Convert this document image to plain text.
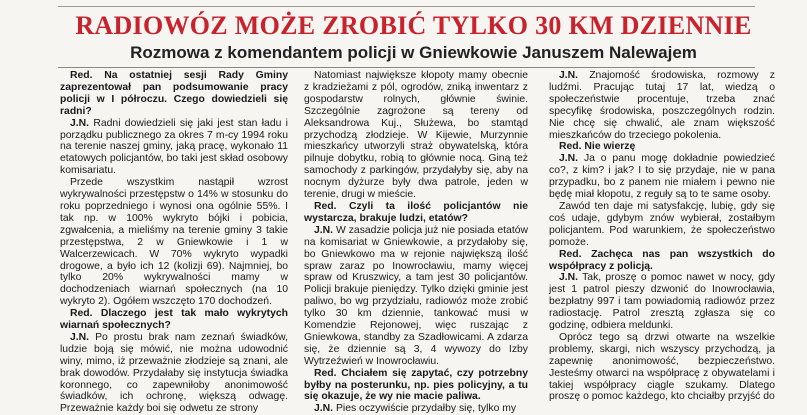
RADIOWÓZ MOŻE ZROBIĆ TYLKO 30 KM DZIENNIE
Rozmowa z komendantem policji w Gniewkowie Januszem Nalewajem

Red. Na ostatniej sesji Rady Gminy zaprezentował pan podsumowanie pracy policji w I półroczu. Czego dowiedzieli się radni?

J.N. Radni dowiedzieli się jaki jest stan ładu i porządku publicznego za okres 7 m-cy 1994 roku na terenie naszej gminy, jaką pracę, wykonało 11 etatowych policjantów, bo taki jest skład osobowy komisariatu.

Przede wszystkim nastąpił wzrost wykrywalności przestępstw o 14% w stosunku do roku poprzedniego i wynosi ona ogólnie 55%. I tak np. w 100% wykryto bójki i pobicia, zgwałcenia, a mieliśmy na terenie gminy 3 takie przestępstwa, 2 w Gniewkowie i 1 w Walcerzewicach. W 70% wykryto wypadki drogowe, a było ich 12 (kolizji 69). Najmniej, bo tylko 20% wykrywalności mamy w dochodzeniach wiarnań społecznych (na 10 wykryto 2). Ogółem wszczęto 170 dochodzeń.

Red. Dlaczego jest tak mało wykrytych wiarnań społecznych?

J.N. Po prostu brak nam zeznań świadków, ludzie boją się mówić, nie można udowodnić winy, mimo, iż przeważnie złodzieje są znani, ale brak dowodów. Przydałaby się instytucja świadka koronnego, co zapewniłoby anonimowość świadków, ich ochronę, większą odwagę. Przeważnie każdy boi się odwetu ze strony

Natomiast największe kłopoty mamy obecnie z kradzieżami z pól, ogrodów, zniką inwentarz z gospodarstw rolnych, głównie świnie. Szczególnie zagrożone są tereny od Aleksandrowa Kuj., Służewa, bo stamtąd przychodzą złodzieje. W Kijewie, Murzynnie mieszkańcy utworzyli straż obywatelską, która pilnuje dobytku, robią to głównie nocą. Giną też samochody z parkingów, przydałyby się, aby na nocnym dyżurze były dwa patrole, jeden w terenie, drugi w mieście.

Red. Czyli ta ilość policjantów nie wystarcza, brakuje ludzi, etatów?

J.N. W zasadzie policja już nie posiada etatów na komisariat w Gniewkowie, a przydałoby się, bo Gniewkowo ma w rejonie największą ilość spraw zaraz po Inowrocławiu, mamy więcej spraw od Kruszwicy, a tam jest 30 policjantów. Policji brakuje pieniędzy. Tylko dzięki gminie jest paliwo, bo wg przydziału, radiowóz może zrobić tylko 30 km dziennie, tankować musi w Komendzie Rejonowej, więc ruszając z Gniewkowa, standby za Szadłowicami. A zdarza się, że dziennie są 3, 4 wywozy do Izby Wytrzeźwień w Inowrocławiu.

Red. Chciałem się zapytać, czy potrzebny byłby na posterunku, np. pies policyjny, a tu się okazuje, że wy nie macie paliwa.

J.N. Pies oczywiście przydałby się, tylko my

J.N. Znajomość środowiska, rozmowy z ludźmi. Pracując tutaj 17 lat, wiedzą o społeczeństwie procentuje, trzeba znać specyfikę środowiska, poszczególnych rodzin. Nie chcę się chwalić, ale znam większość mieszkańców do trzeciego pokolenia.

Red. Nie wierzę

J.N. Ja o panu mogę dokładnie powiedzieć co?, z kim? i jak? I to się przydaje, nie w pana przypadku, bo z panem nie miałem i pewno nie będę miał kłopotu, z reguły są to te same osoby.

Zawód ten daje mi satysfakcję, lubię, gdy się coś udaje, gdybym znów wybierał, zostałbym policjantem. Pod warunkiem, że społeczeństwo pomoże.

Red. Zachęca nas pan wszystkich do współpracy z policją.

J.N. Tak, proszę o pomoc nawet w nocy, gdy jest 1 patrol pieszy dzwonić do Inowrocławia, bezpłatny 997 i tam powiadomią radiowóz przez radiostację. Patrol zresztą zgłasza się co godzinę, odbiera meldunki.

Oprócz tego są drzwi otwarte na wszelkie problemy, skargi, nich wszyscy przychodzą, ja zapewnię anonimowość, bezpieczeństwo. Jesteśmy otwarci na współpracę z obywatelami i takiej współpracy ciągle szukamy. Dlatego proszę o pomoc każdego, kto chciałby przyjść do
